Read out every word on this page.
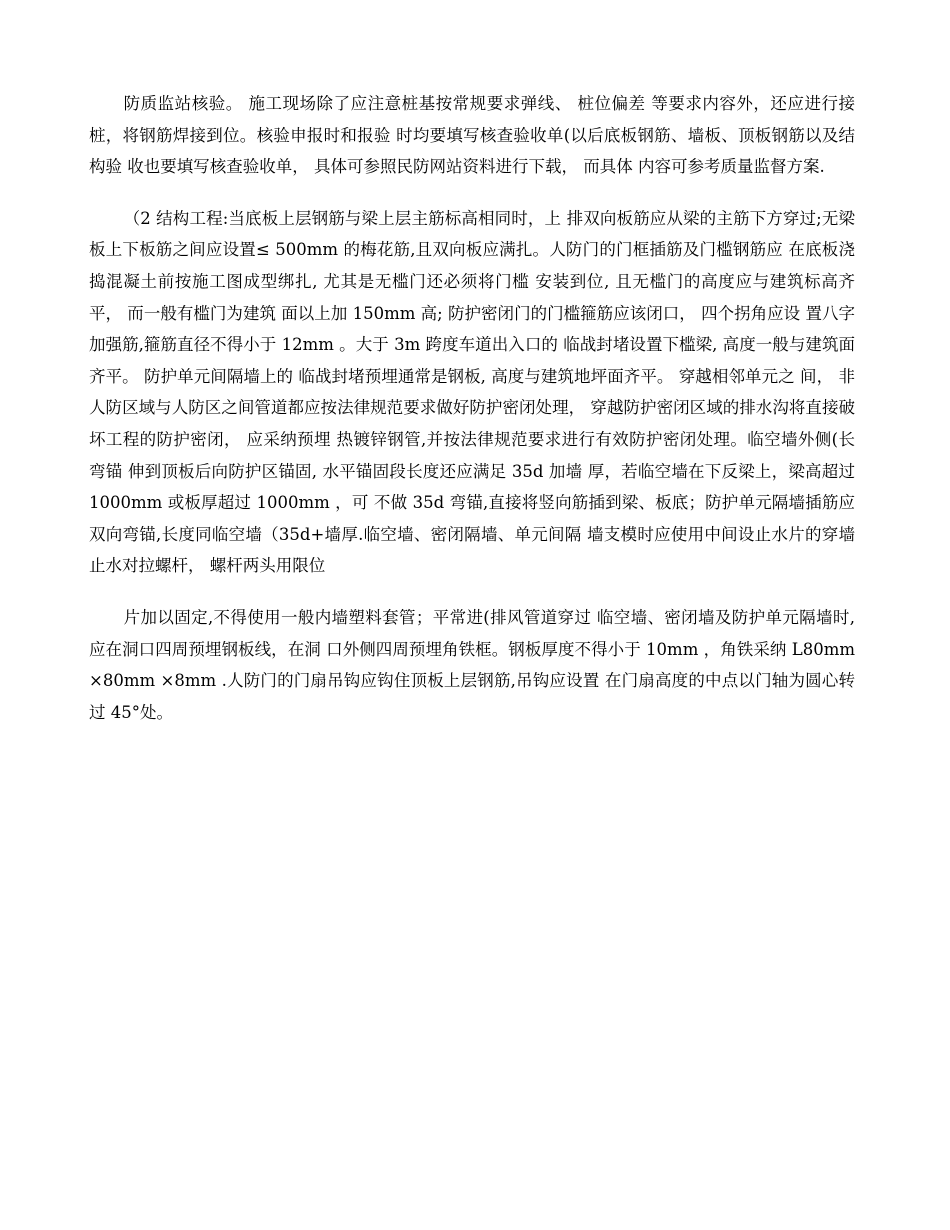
防质监站核验。 施工现场除了应注意桩基按常规要求弹线、 桩位偏差 等要求内容外，还应进行接桩，将钢筋焊接到位。核验申报时和报验 时均要填写核查验收单(以后底板钢筋、墙板、顶板钢筋以及结构验 收也要填写核查验收单， 具体可参照民防网站资料进行下载， 而具体 内容可参考质量监督方案.

（2 结构工程:当底板上层钢筋与梁上层主筋标高相同时，上 排双向板筋应从梁的主筋下方穿过;无梁板上下板筋之间应设置≤ 500mm 的梅花筋,且双向板应满扎。人防门的门框插筋及门槛钢筋应 在底板浇捣混凝土前按施工图成型绑扎, 尤其是无槛门还必须将门槛 安装到位, 且无槛门的高度应与建筑标高齐平， 而一般有槛门为建筑 面以上加 150mm 高; 防护密闭门的门槛箍筋应该闭口， 四个拐角应设 置八字加强筋,箍筋直径不得小于 12mm 。大于 3m 跨度车道出入口的 临战封堵设置下槛梁, 高度一般与建筑面齐平。 防护单元间隔墙上的 临战封堵预埋通常是钢板, 高度与建筑地坪面齐平。 穿越相邻单元之 间， 非人防区域与人防区之间管道都应按法律规范要求做好防护密闭处理， 穿越防护密闭区域的排水沟将直接破坏工程的防护密闭， 应采纳预埋 热镀锌钢管,并按法律规范要求进行有效防护密闭处理。临空墙外侧(长 弯锚 伸到顶板后向防护区锚固, 水平锚固段长度还应满足 35d 加墙 厚，若临空墙在下反梁上，梁高超过 1000mm 或板厚超过 1000mm ，可 不做 35d 弯锚,直接将竖向筋插到梁、板底；防护单元隔墙插筋应双向弯锚,长度同临空墙（35d+墙厚.临空墙、密闭隔墙、单元间隔 墙支模时应使用中间设止水片的穿墙止水对拉螺杆， 螺杆两头用限位

片加以固定,不得使用一般内墙塑料套管；平常进(排风管道穿过 临空墙、密闭墙及防护单元隔墙时,应在洞口四周预埋钢板线，在洞 口外侧四周预埋角铁框。钢板厚度不得小于 10mm ，角铁采纳 L80mm ×80mm ×8mm .人防门的门扇吊钩应钩住顶板上层钢筋,吊钩应设置 在门扇高度的中点以门轴为圆心转过 45°处。
